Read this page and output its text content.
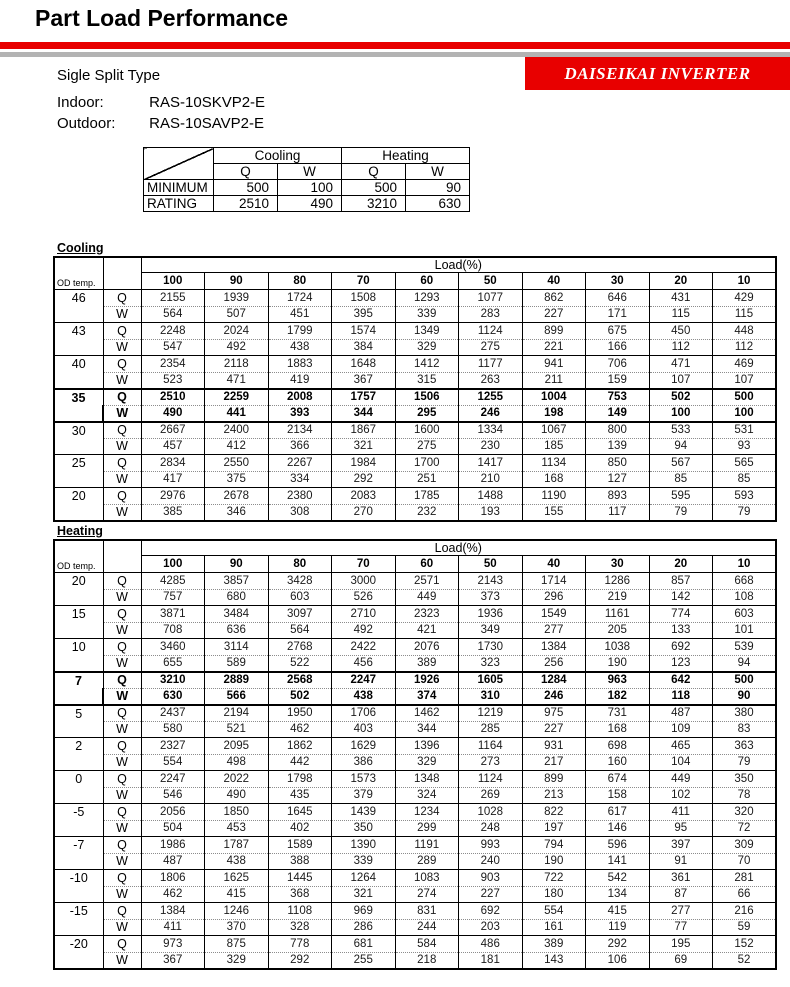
Part Load Performance
DAISEIKAI INVERTER
Sigle Split Type
Indoor:	RAS-10SKVP2-E
Outdoor: RAS-10SAVP2-E
	Cooling		Heating	
	Q	W	Q	W
MINIMUM	500	100	500	90
RATING	2510	490	3210	630
Cooling
OD temp.		Load(%)									
		100	90	80	70	60	50	40	30	20	10
46	Q	2155	1939	1724	1508	1293	1077	862	646	431	429
	W	564	507	451	395	339	283	227	171	115	115
43	Q	2248	2024	1799	1574	1349	1124	899	675	450	448
	W	547	492	438	384	329	275	221	166	112	112
40	Q	2354	2118	1883	1648	1412	1177	941	706	471	469
	W	523	471	419	367	315	263	211	159	107	107
35	Q	2510	2259	2008	1757	1506	1255	1004	753	502	500
	W	490	441	393	344	295	246	198	149	100	100
30	Q	2667	2400	2134	1867	1600	1334	1067	800	533	531
	W	457	412	366	321	275	230	185	139	94	93
25	Q	2834	2550	2267	1984	1700	1417	1134	850	567	565
	W	417	375	334	292	251	210	168	127	85	85
20	Q	2976	2678	2380	2083	1785	1488	1190	893	595	593
	W	385	346	308	270	232	193	155	117	79	79
Heating
OD temp.		Load(%)									
		100	90	80	70	60	50	40	30	20	10
20	Q	4285	3857	3428	3000	2571	2143	1714	1286	857	668
	W	757	680	603	526	449	373	296	219	142	108
15	Q	3871	3484	3097	2710	2323	1936	1549	1161	774	603
	W	708	636	564	492	421	349	277	205	133	101
10	Q	3460	3114	2768	2422	2076	1730	1384	1038	692	539
	W	655	589	522	456	389	323	256	190	123	94
7	Q	3210	2889	2568	2247	1926	1605	1284	963	642	500
	W	630	566	502	438	374	310	246	182	118	90
5	Q	2437	2194	1950	1706	1462	1219	975	731	487	380
	W	580	521	462	403	344	285	227	168	109	83
2	Q	2327	2095	1862	1629	1396	1164	931	698	465	363
	W	554	498	442	386	329	273	217	160	104	79
0	Q	2247	2022	1798	1573	1348	1124	899	674	449	350
	W	546	490	435	379	324	269	213	158	102	78
-5	Q	2056	1850	1645	1439	1234	1028	822	617	411	320
	W	504	453	402	350	299	248	197	146	95	72
-7	Q	1986	1787	1589	1390	1191	993	794	596	397	309
	W	487	438	388	339	289	240	190	141	91	70
-10	Q	1806	1625	1445	1264	1083	903	722	542	361	281
	W	462	415	368	321	274	227	180	134	87	66
-15	Q	1384	1246	1108	969	831	692	554	415	277	216
	W	411	370	328	286	244	203	161	119	77	59
-20	Q	973	875	778	681	584	486	389	292	195	152
	W	367	329	292	255	218	181	143	106	69	52
